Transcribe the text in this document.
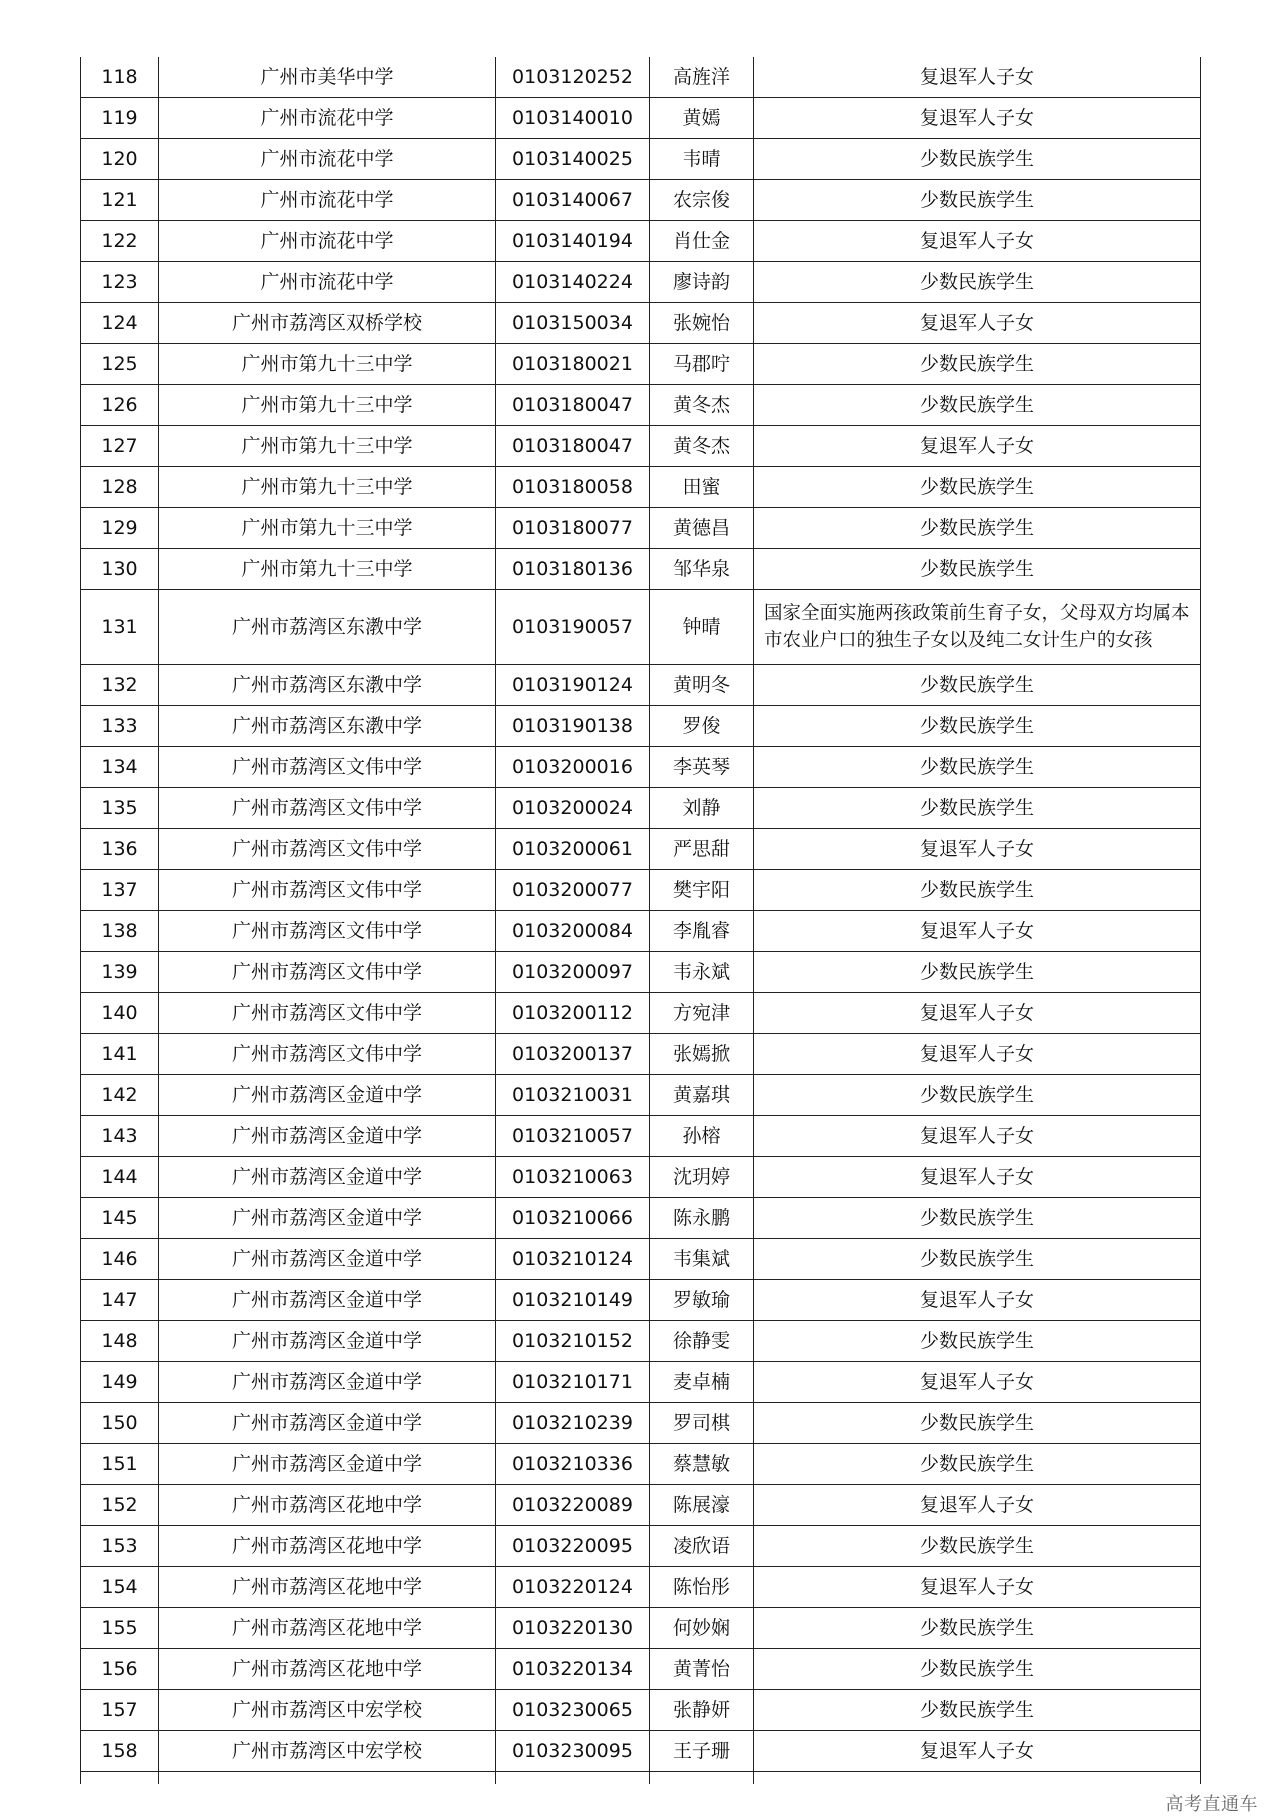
118	广州市美华中学	0103120252	高旌洋	复退军人子女
119	广州市流花中学	0103140010	黄嫣	复退军人子女
120	广州市流花中学	0103140025	韦晴	少数民族学生
121	广州市流花中学	0103140067	农宗俊	少数民族学生
122	广州市流花中学	0103140194	肖仕金	复退军人子女
123	广州市流花中学	0103140224	廖诗韵	少数民族学生
124	广州市荔湾区双桥学校	0103150034	张婉怡	复退军人子女
125	广州市第九十三中学	0103180021	马郡咛	少数民族学生
126	广州市第九十三中学	0103180047	黄冬杰	少数民族学生
127	广州市第九十三中学	0103180047	黄冬杰	复退军人子女
128	广州市第九十三中学	0103180058	田蜜	少数民族学生
129	广州市第九十三中学	0103180077	黄德昌	少数民族学生
130	广州市第九十三中学	0103180136	邹华泉	少数民族学生
131	广州市荔湾区东漖中学	0103190057	钟晴	国家全面实施两孩政策前生育子女，父母双方均属本市农业户口的独生子女以及纯二女计生户的女孩
132	广州市荔湾区东漖中学	0103190124	黄明冬	少数民族学生
133	广州市荔湾区东漖中学	0103190138	罗俊	少数民族学生
134	广州市荔湾区文伟中学	0103200016	李英琴	少数民族学生
135	广州市荔湾区文伟中学	0103200024	刘静	少数民族学生
136	广州市荔湾区文伟中学	0103200061	严思甜	复退军人子女
137	广州市荔湾区文伟中学	0103200077	樊宇阳	少数民族学生
138	广州市荔湾区文伟中学	0103200084	李胤睿	复退军人子女
139	广州市荔湾区文伟中学	0103200097	韦永斌	少数民族学生
140	广州市荔湾区文伟中学	0103200112	方宛津	复退军人子女
141	广州市荔湾区文伟中学	0103200137	张嫣掀	复退军人子女
142	广州市荔湾区金道中学	0103210031	黄嘉琪	少数民族学生
143	广州市荔湾区金道中学	0103210057	孙榕	复退军人子女
144	广州市荔湾区金道中学	0103210063	沈玥婷	复退军人子女
145	广州市荔湾区金道中学	0103210066	陈永鹏	少数民族学生
146	广州市荔湾区金道中学	0103210124	韦集斌	少数民族学生
147	广州市荔湾区金道中学	0103210149	罗敏瑜	复退军人子女
148	广州市荔湾区金道中学	0103210152	徐静雯	少数民族学生
149	广州市荔湾区金道中学	0103210171	麦卓楠	复退军人子女
150	广州市荔湾区金道中学	0103210239	罗司棋	少数民族学生
151	广州市荔湾区金道中学	0103210336	蔡慧敏	少数民族学生
152	广州市荔湾区花地中学	0103220089	陈展濠	复退军人子女
153	广州市荔湾区花地中学	0103220095	凌欣语	少数民族学生
154	广州市荔湾区花地中学	0103220124	陈怡彤	复退军人子女
155	广州市荔湾区花地中学	0103220130	何妙娴	少数民族学生
156	广州市荔湾区花地中学	0103220134	黄菁怡	少数民族学生
157	广州市荔湾区中宏学校	0103230065	张静妍	少数民族学生
158	广州市荔湾区中宏学校	0103230095	王子珊	复退军人子女

高考直通车
